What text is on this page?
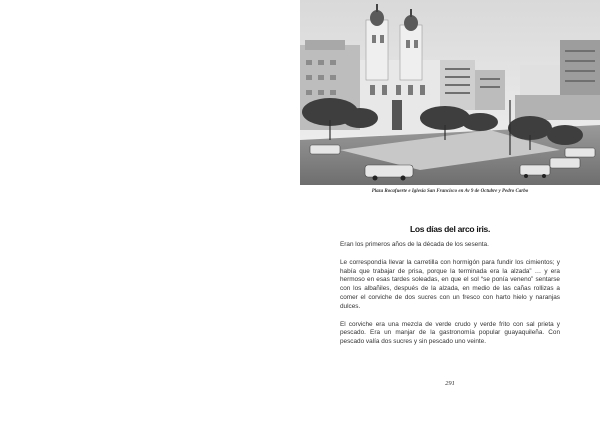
Plaza Rocafuerte e Iglesia San Francisco en Av 9 de Octubre y Pedro Carbo
Los días del arco iris.

Eran los primeros años de la década de los sesenta.

Le correspondía llevar la carretilla con hormigón para fundir los cimientos; y había que trabajar de prisa, porque la terminada era la alzada” … y era hermoso en esas tardes soleadas, en que el sol “se ponía veneno” sentarse con los albañiles, después de la alzada, en medio de las cañas rollizas a comer el corviche de dos sucres con un fresco con harto hielo y naranjas dulces.

El corviche era una mezcla de verde crudo y verde frito con sal prieta y pescado. Era un manjar de la gastronomía popular guayaquileña. Con pescado valía dos sucres y sin pescado uno veinte.

291
